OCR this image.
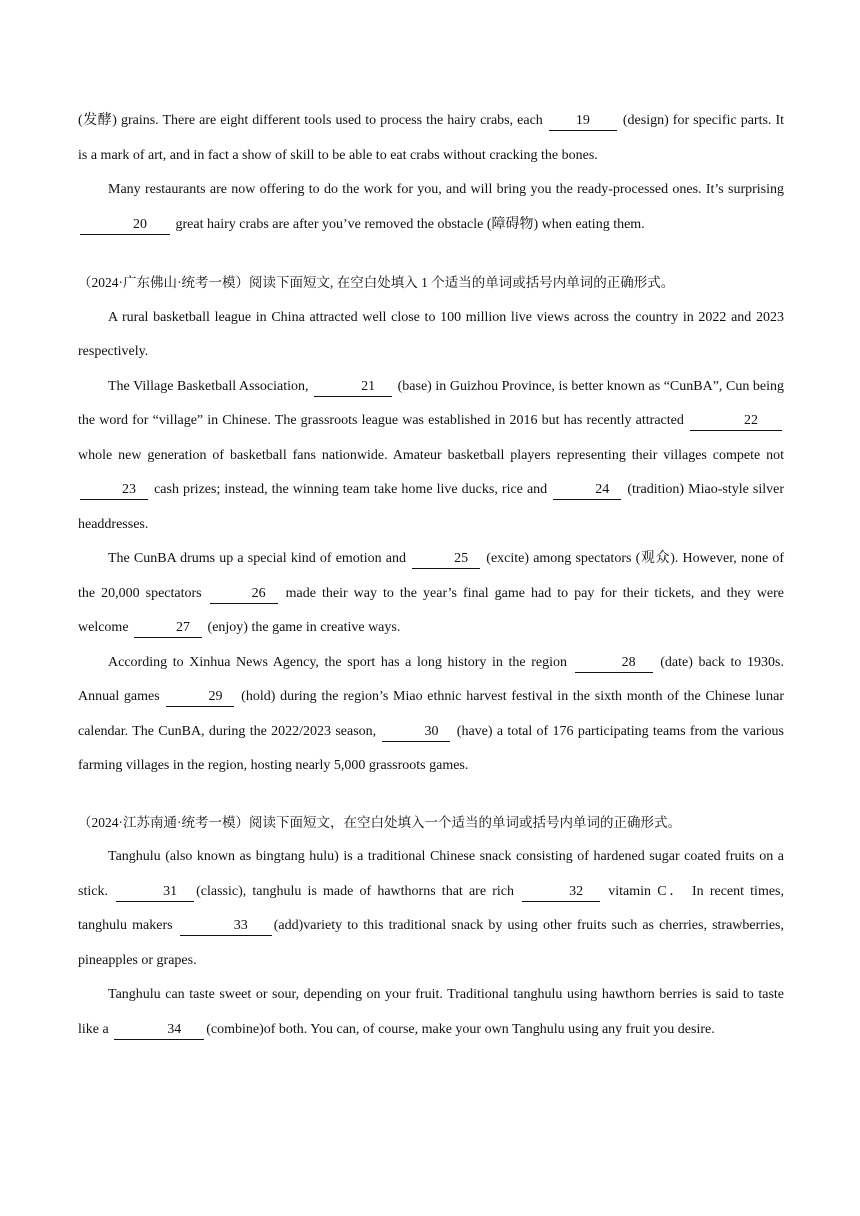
(发酵) grains. There are eight different tools used to process the hairy crabs, each 19 (design) for specific parts. It is a mark of art, and in fact a show of skill to be able to eat crabs without cracking the bones.

Many restaurants are now offering to do the work for you, and will bring you the ready-processed ones. It’s surprising 20 great hairy crabs are after you’ve removed the obstacle (障碍物) when eating them.

（2024·广东佛山·统考一模）阅读下面短文, 在空白处填入 1 个适当的单词或括号内单词的正确形式。

A rural basketball league in China attracted well close to 100 million live views across the country in 2022 and 2023 respectively.

The Village Basketball Association,	21 (base) in Guizhou Province, is better known as “CunBA”, Cun being the word for “village” in Chinese. The grassroots league was established in 2016 but has recently attracted	22 whole new generation of basketball fans nationwide. Amateur basketball players representing their villages compete not 23 cash prizes; instead, the winning team take home live ducks, rice and	24 (tradition) Miao-style silver headdresses.

The CunBA drums up a special kind of emotion and	25 (excite) among spectators (观众). However, none of the 20,000 spectators	26 made their way to the year’s final game had to pay for their tickets, and they were welcome	27 (enjoy) the game in creative ways.

According to Xinhua News Agency, the sport has a long history in the region	28 (date) back to 1930s. Annual games	29 (hold) during the region’s Miao ethnic harvest festival in the sixth month of the Chinese lunar calendar. The CunBA, during the 2022/2023 season,	30 (have) a total of 176 participating teams from the various farming villages in the region, hosting nearly 5,000 grassroots games.

（2024·江苏南通·统考一模）阅读下面短文，在空白处填入一个适当的单词或括号内单词的正确形式。

Tanghulu (also known as bingtang hulu) is a traditional Chinese snack consisting of hardened sugar coated fruits on a stick.	31 (classic), tanghulu is made of hawthorns that are rich	32 vitamin C． In recent times, tanghulu makers	33 (add)variety to this traditional snack by using other fruits such as cherries, strawberries, pineapples or grapes.

Tanghulu can taste sweet or sour, depending on your fruit. Traditional tanghulu using hawthorn berries is said to taste like a	34 (combine)of both. You can, of course, make your own Tanghulu using any fruit you desire.
